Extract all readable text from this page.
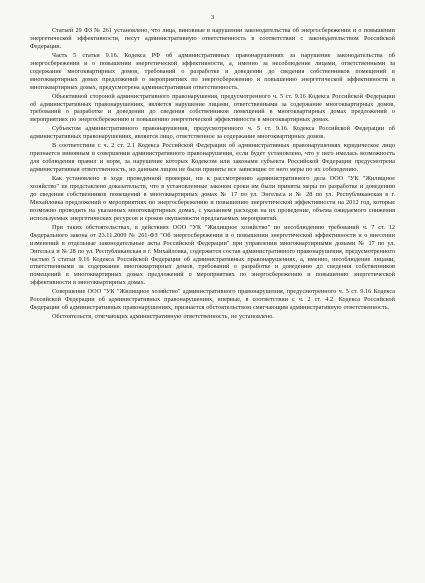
3

Статьей 29 ФЗ № 261 установлено, что лица, виновные в нарушении законодательства об энергосбережении и о повышении энергетической эффективности, несут административную ответственность в соответствии с законодательством Российской Федерации.

Часть 5 статьи 9.16. Кодекса РФ об административных правонарушениях за нарушение законодательства об энергосбережении и о повышении энергетической эффективности, а, именно за несоблюдение лицами, ответственными за содержание многоквартирных домов, требований о разработке и доведении до сведения собственников помещений в многоквартирных домах предложений о мероприятиях по энергосбережению и повышению энергетической эффективности в многоквартирных домах, предусмотрена административная ответственность.

Объективной стороной административного правонарушения, предусмотренного ч. 5 ст. 9.16 Кодекса Российской Федерации об административных правонарушениях, является нарушение лицами, ответственными за содержание многоквартирных домов, требований о разработке и доведении до сведения собственников помещений в многоквартирных домах предложений о мероприятиях по энергосбережению и повышению энергетической эффективности в многоквартирных домах.

Субъектом административного правонарушения, предусмотренного ч. 5 ст. 9.16. Кодекса Российской Федерации об административных правонарушениях, является лицо, ответственное за содержание многоквартирных домов.

В соответствии с ч. 2 ст. 2.1 Кодекса Российской Федерации об административных правонарушениях юридическое лицо признается виновным в совершении административного правонарушения, если будет установлено, что у него имелась возможность для соблюдения правил и норм, за нарушение которых Кодексом или законами субъекта Российской Федерации предусмотрена административная ответственность, но данным лицом не были приняты все зависящие от него меры по их соблюдению.

Как установлено в ходе проведенной проверки, ни к рассмотрению административного дела ООО "УК "Жилищное хозяйство" не представлено доказательств, что в установленные законом сроки им были приняты меры по разработке и доведению до сведения собственников помещений в многоквартирных домах № 17 по ул. Энгельса и № 28 по ул. Республиканская в г. Михайловка предложений о мероприятиях по энергосбережению и повышению энергетической эффективности на 2012 год, которые возможно проводить на указанных многоквартирных домах, с указанием расходов на их проведение, объема ожидаемого снижения используемых энергетических ресурсов и сроков окупаемости предлагаемых мероприятий.

При таких обстоятельствах, в действиях ООО "УК "Жилищное хозяйство" по несоблюдению требований ч. 7 ст. 12 Федерального закона от 23.11.2009 № 261-ФЗ "Об энергосбережении и о повышении энергетической эффективности и о внесении изменений в отдельные законодательные акты Российской Федерации" при управлении многоквартирными домами № 17 по ул. Энгельса и № 28 по ул. Республиканская в г. Михайловка, содержится состав административного правонарушения, предусмотренного частью 5 статьи 9.16 Кодекса Российской Федерации об административных правонарушениях, а, именно, несоблюдение лицами, ответственными за содержание многоквартирных домов, требований о разработке и доведению до сведения собственников помещений в многоквартирных домах предложений о мероприятиях по энергосбережению и повышению энергетической эффективности в многоквартирных домах.

Совершение ООО "УК "Жилищное хозяйство" административного правонарушения, предусмотренного ч. 5 ст. 9.16 Кодекса Российской Федерации об административных правонарушениях, впервые, в соответствии с ч. 2 ст. 4.2. Кодекса Российской Федерации об административных правонарушениях, признается обстоятельством смягчающим административную ответственность.

Обстоятельств, отягчающих административную ответственность, не установлено.
